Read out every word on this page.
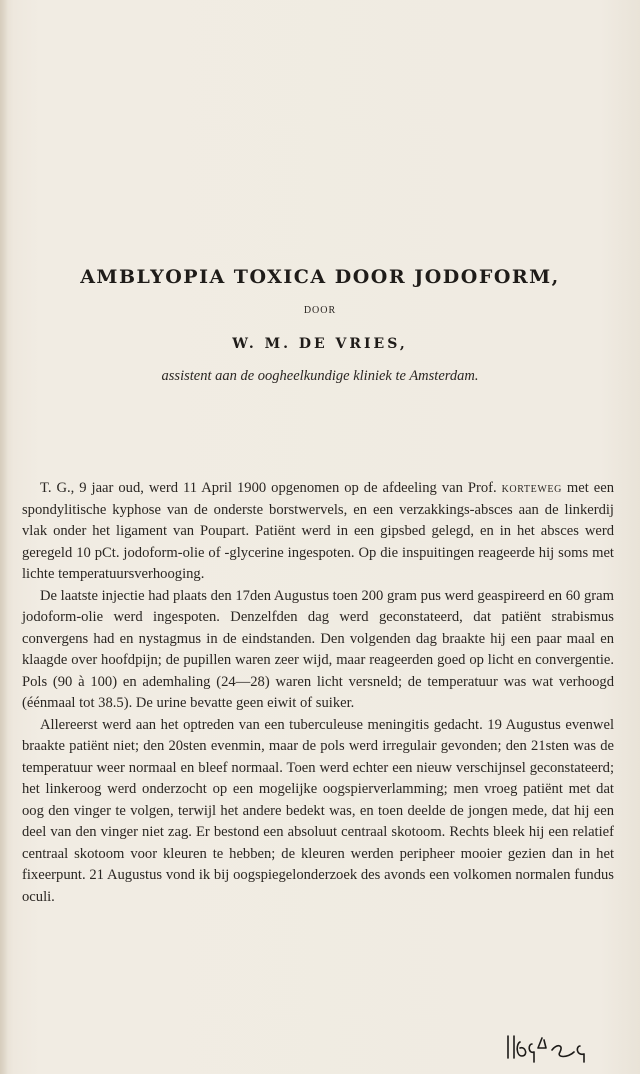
AMBLYOPIA TOXICA DOOR JODOFORM,
DOOR
W. M. DE VRIES,
assistent aan de oogheelkundige kliniek te Amsterdam.

T. G., 9 jaar oud, werd 11 April 1900 opgenomen op de afdeeling van Prof. korteweg met een spondylitische kyphose van de onderste borstwervels, en een verzakkings-absces aan de linkerdij vlak onder het ligament van Poupart. Patiënt werd in een gipsbed gelegd, en in het absces werd geregeld 10 pCt. jodoform-olie of -glycerine ingespoten. Op die inspuitingen reageerde hij soms met lichte temperatuursverhooging.

De laatste injectie had plaats den 17den Augustus toen 200 gram pus werd geaspireerd en 60 gram jodoform-olie werd ingespoten. Denzelfden dag werd geconstateerd, dat patiënt strabismus convergens had en nystagmus in de eindstanden. Den volgenden dag braakte hij een paar maal en klaagde over hoofdpijn; de pupillen waren zeer wijd, maar reageerden goed op licht en convergentie. Pols (90 à 100) en ademhaling (24—28) waren licht versneld; de temperatuur was wat verhoogd (éénmaal tot 38.5). De urine bevatte geen eiwit of suiker.

Allereerst werd aan het optreden van een tuberculeuse meningitis gedacht. 19 Augustus evenwel braakte patiënt niet; den 20sten evenmin, maar de pols werd irregulair gevonden; den 21sten was de temperatuur weer normaal en bleef normaal. Toen werd echter een nieuw verschijnsel geconstateerd; het linkeroog werd onderzocht op een mogelijke oogspierverlamming; men vroeg patiënt met dat oog den vinger te volgen, terwijl het andere bedekt was, en toen deelde de jongen mede, dat hij een deel van den vinger niet zag. Er bestond een absoluut centraal skotoom. Rechts bleek hij een relatief centraal skotoom voor kleuren te hebben; de kleuren werden peripheer mooier gezien dan in het fixeerpunt. 21 Augustus vond ik bij oogspiegelonderzoek des avonds een volkomen normalen fundus oculi.
